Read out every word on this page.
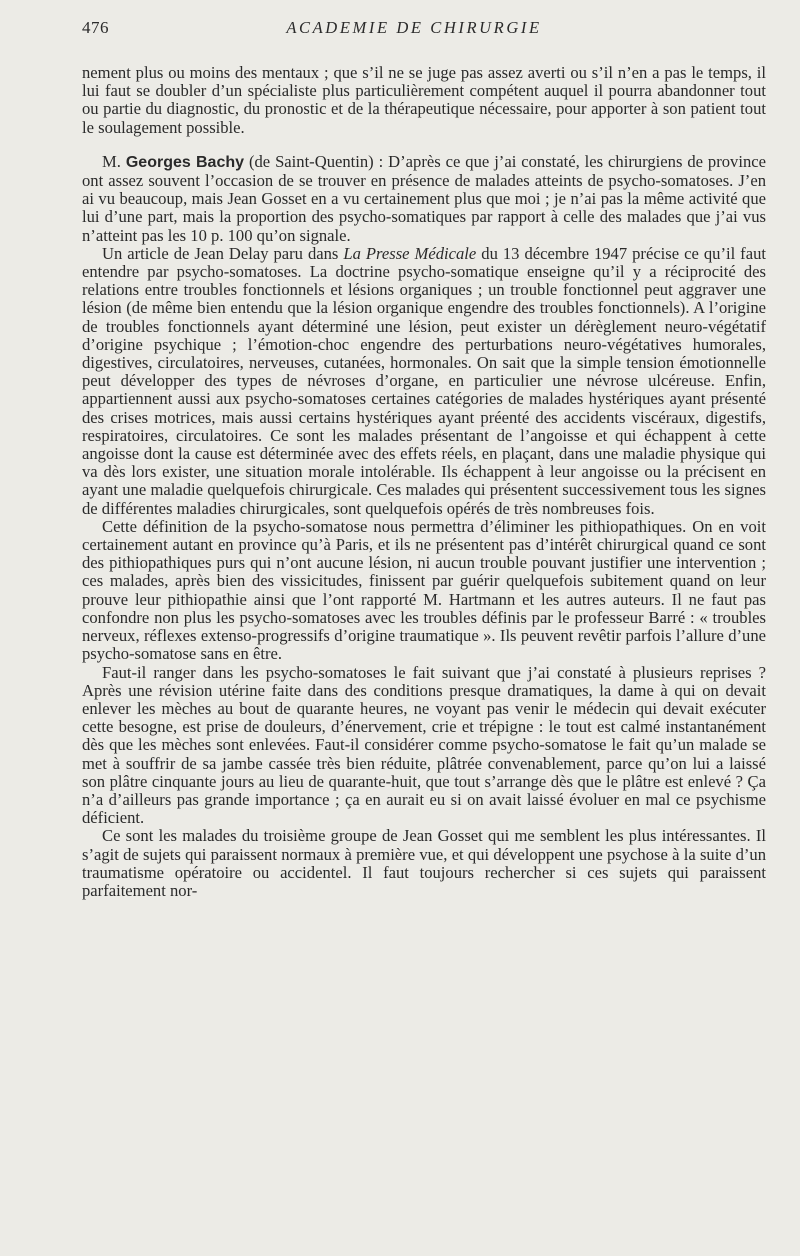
476	ACADEMIE DE CHIRURGIE

nement plus ou moins des mentaux ; que s’il ne se juge pas assez averti ou s’il n’en a pas le temps, il lui faut se doubler d’un spécialiste plus particulièrement compétent auquel il pourra abandonner tout ou partie du diagnostic, du pronostic et de la thérapeutique nécessaire, pour apporter à son patient tout le soulagement possible.

M. Georges Bachy (de Saint-Quentin) : D’après ce que j’ai constaté, les chirurgiens de province ont assez souvent l’occasion de se trouver en présence de malades atteints de psycho-somatoses. J’en ai vu beaucoup, mais Jean Gosset en a vu certainement plus que moi ; je n’ai pas la même activité que lui d’une part, mais la proportion des psycho-somatiques par rapport à celle des malades que j’ai vus n’atteint pas les 10 p. 100 qu’on signale.

Un article de Jean Delay paru dans La Presse Médicale du 13 décembre 1947 précise ce qu’il faut entendre par psycho-somatoses. La doctrine psycho-somatique enseigne qu’il y a réciprocité des relations entre troubles fonctionnels et lésions organiques ; un trouble fonctionnel peut aggraver une lésion (de même bien entendu que la lésion organique engendre des troubles fonctionnels). A l’origine de troubles fonctionnels ayant déterminé une lésion, peut exister un dérèglement neuro-végétatif d’origine psychique ; l’émotion-choc engendre des perturbations neuro-végétatives humorales, digestives, circulatoires, nerveuses, cutanées, hormonales. On sait que la simple tension émotionnelle peut développer des types de névroses d’organe, en particulier une névrose ulcéreuse. Enfin, appartiennent aussi aux psycho-somatoses certaines catégories de malades hystériques ayant présenté des crises motrices, mais aussi certains hystériques ayant préenté des accidents viscéraux, digestifs, respiratoires, circulatoires. Ce sont les malades présentant de l’angoisse et qui échappent à cette angoisse dont la cause est déterminée avec des effets réels, en plaçant, dans une maladie physique qui va dès lors exister, une situation morale intolérable. Ils échappent à leur angoisse ou la précisent en ayant une maladie quelquefois chirurgicale. Ces malades qui présentent successivement tous les signes de différentes maladies chirurgicales, sont quelquefois opérés de très nombreuses fois.

Cette définition de la psycho-somatose nous permettra d’éliminer les pithiopathiques. On en voit certainement autant en province qu’à Paris, et ils ne présentent pas d’intérêt chirurgical quand ce sont des pithiopathiques purs qui n’ont aucune lésion, ni aucun trouble pouvant justifier une intervention ; ces malades, après bien des vissicitudes, finissent par guérir quelquefois subitement quand on leur prouve leur pithiopathie ainsi que l’ont rapporté M. Hartmann et les autres auteurs. Il ne faut pas confondre non plus les psycho-somatoses avec les troubles définis par le professeur Barré : « troubles nerveux, réflexes extenso-progressifs d’origine traumatique ». Ils peuvent revêtir parfois l’allure d’une psycho-somatose sans en être.

Faut-il ranger dans les psycho-somatoses le fait suivant que j’ai constaté à plusieurs reprises ? Après une révision utérine faite dans des conditions presque dramatiques, la dame à qui on devait enlever les mèches au bout de quarante heures, ne voyant pas venir le médecin qui devait exécuter cette besogne, est prise de douleurs, d’énervement, crie et trépigne : le tout est calmé instantanément dès que les mèches sont enlevées. Faut-il considérer comme psycho-somatose le fait qu’un malade se met à souffrir de sa jambe cassée très bien réduite, plâtrée convenablement, parce qu’on lui a laissé son plâtre cinquante jours au lieu de quarante-huit, que tout s’arrange dès que le plâtre est enlevé ? Ça n’a d’ailleurs pas grande importance ; ça en aurait eu si on avait laissé évoluer en mal ce psychisme déficient.

Ce sont les malades du troisième groupe de Jean Gosset qui me semblent les plus intéressantes. Il s’agit de sujets qui paraissent normaux à première vue, et qui développent une psychose à la suite d’un traumatisme opératoire ou accidentel. Il faut toujours rechercher si ces sujets qui paraissent parfaitement nor-
